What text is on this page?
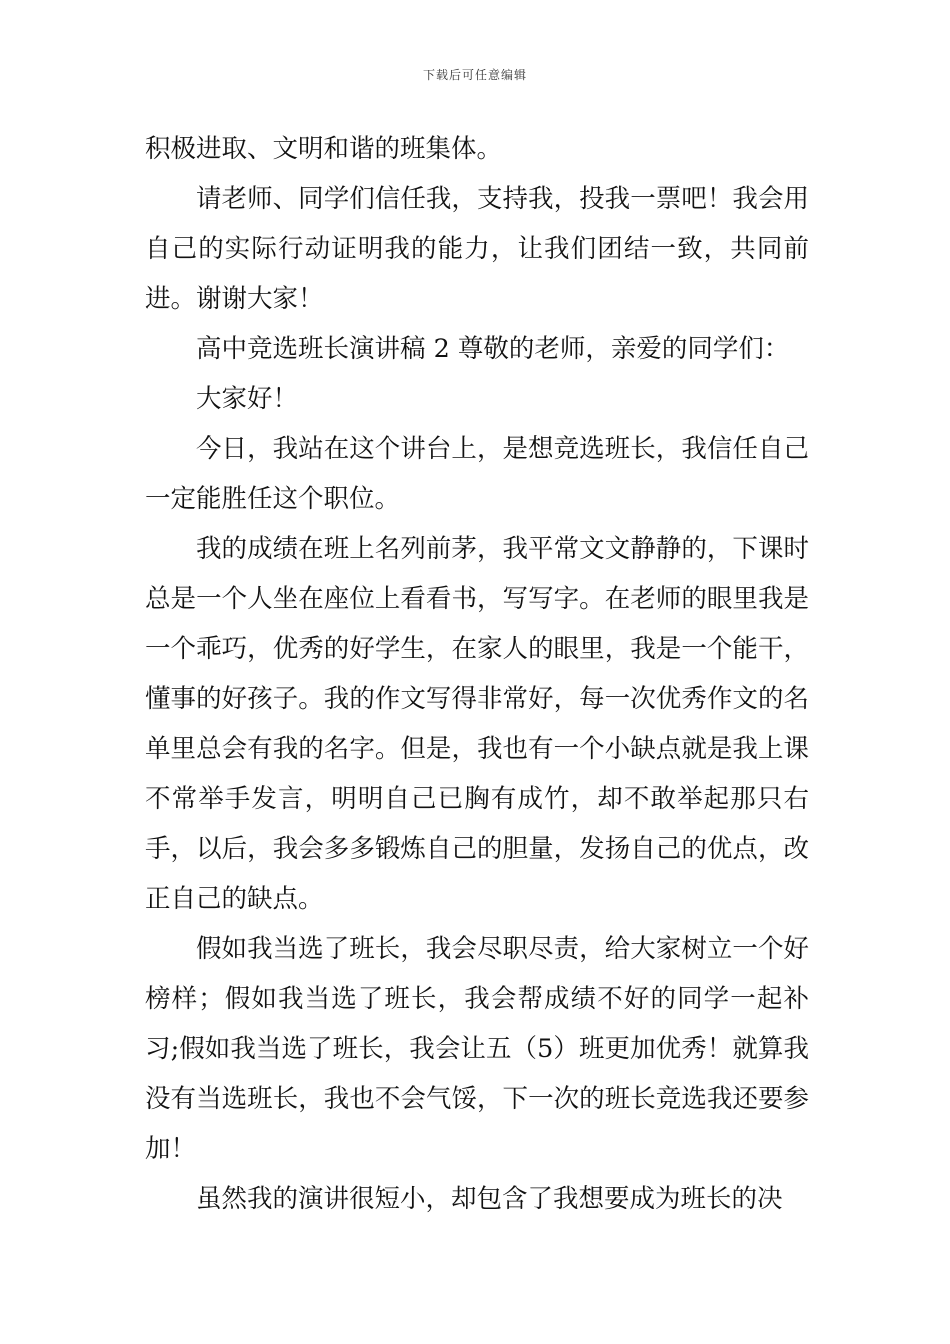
下载后可任意编辑

积极进取、文明和谐的班集体。

请老师、同学们信任我，支持我，投我一票吧！我会用自己的实际行动证明我的能力，让我们团结一致，共同前进。谢谢大家！

高中竞选班长演讲稿 2 尊敬的老师，亲爱的同学们：

大家好！

今日，我站在这个讲台上，是想竞选班长，我信任自己一定能胜任这个职位。

我的成绩在班上名列前茅，我平常文文静静的，下课时总是一个人坐在座位上看看书，写写字。在老师的眼里我是一个乖巧，优秀的好学生，在家人的眼里，我是一个能干，懂事的好孩子。我的作文写得非常好，每一次优秀作文的名单里总会有我的名字。但是，我也有一个小缺点就是我上课不常举手发言，明明自己已胸有成竹，却不敢举起那只右手，以后，我会多多锻炼自己的胆量，发扬自己的优点，改正自己的缺点。

假如我当选了班长，我会尽职尽责，给大家树立一个好榜样；假如我当选了班长，我会帮成绩不好的同学一起补习;假如我当选了班长，我会让五（5）班更加优秀！就算我没有当选班长，我也不会气馁，下一次的班长竞选我还要参加！

虽然我的演讲很短小，却包含了我想要成为班长的决
